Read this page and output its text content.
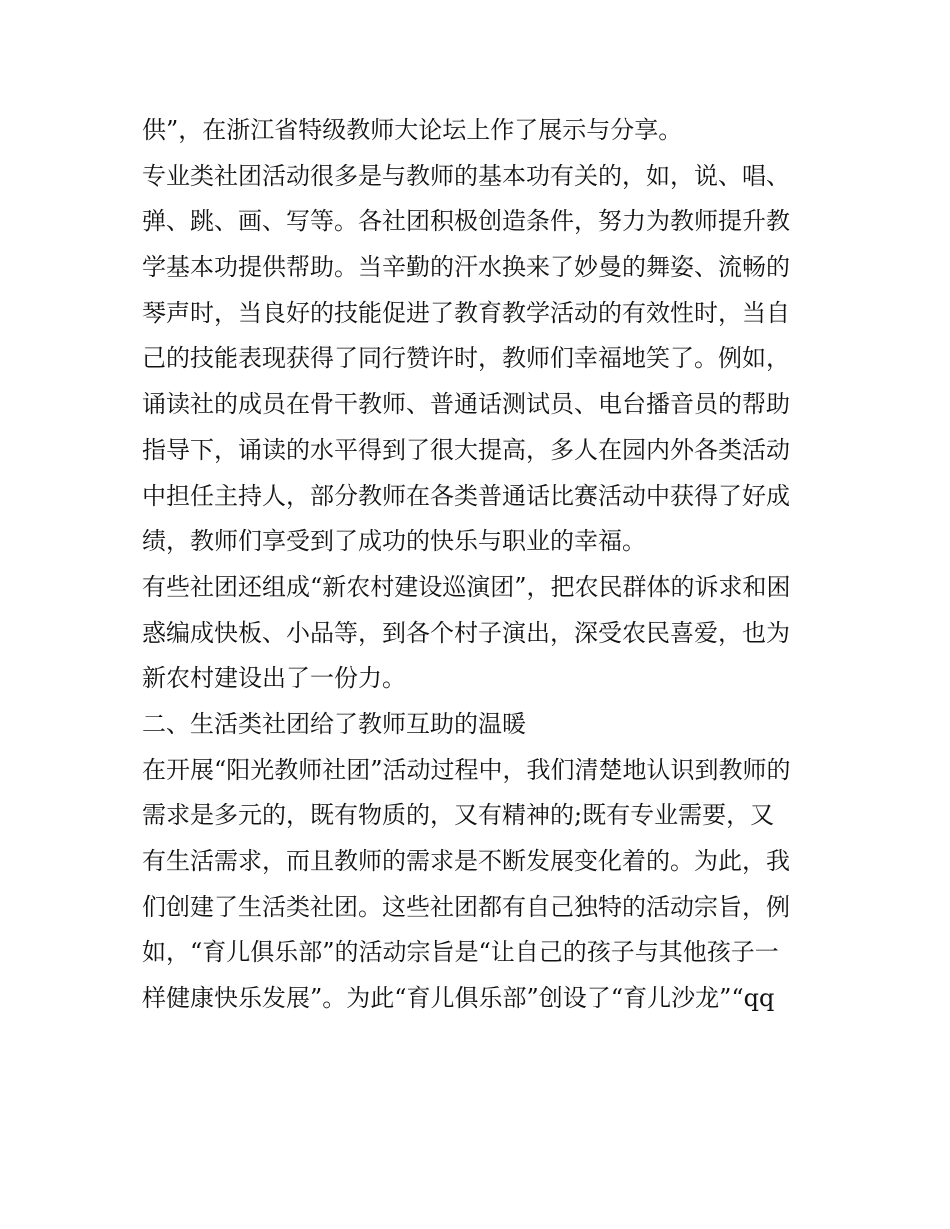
供”，在浙江省特级教师大论坛上作了展示与分享。
专业类社团活动很多是与教师的基本功有关的，如，说、唱、
弹、跳、画、写等。各社团积极创造条件，努力为教师提升教
学基本功提供帮助。当辛勤的汗水换来了妙曼的舞姿、流畅的
琴声时，当良好的技能促进了教育教学活动的有效性时，当自
己的技能表现获得了同行赞许时，教师们幸福地笑了。例如，
诵读社的成员在骨干教师、普通话测试员、电台播音员的帮助
指导下，诵读的水平得到了很大提高，多人在园内外各类活动
中担任主持人，部分教师在各类普通话比赛活动中获得了好成
绩，教师们享受到了成功的快乐与职业的幸福。
有些社团还组成“新农村建设巡演团”，把农民群体的诉求和困
惑编成快板、小品等，到各个村子演出，深受农民喜爱，也为
新农村建设出了一份力。
二、生活类社团给了教师互助的温暖
在开展“阳光教师社团”活动过程中，我们清楚地认识到教师的
需求是多元的，既有物质的，又有精神的;既有专业需要，又
有生活需求，而且教师的需求是不断发展变化着的。为此，我
们创建了生活类社团。这些社团都有自己独特的活动宗旨，例
如，“育儿俱乐部”的活动宗旨是“让自己的孩子与其他孩子一
样健康快乐发展”。为此“育儿俱乐部”创设了“育儿沙龙”“qq
